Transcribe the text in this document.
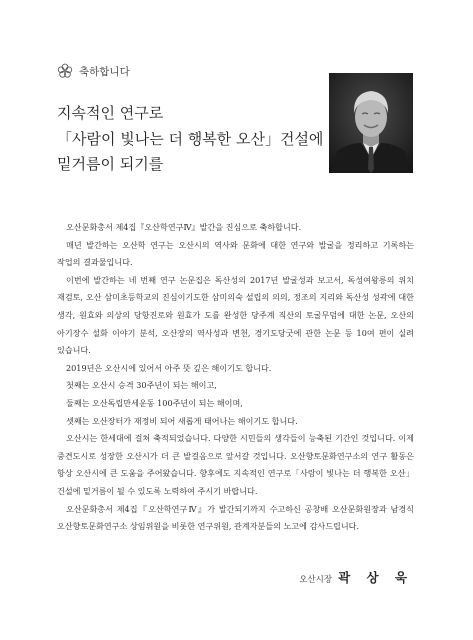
축하합니다
지속적인 연구로
「사람이 빛나는 더 행복한 오산」건설에
밑거름이 되기를

오산문화총서 제4집『오산학연구Ⅳ』발간을 진심으로 축하합니다.

매년 발간하는 오산학 연구는 오산시의 역사와 문화에 대한 연구와 발굴을 정리하고 기록하는 작업의 결과물입니다.

이번에 발간하는 네 번째 연구 논문집은 독산성의 2017년 발굴성과 보고서, 독성여왕릉의 위치 재검토, 오산 삼미초등학교의 진심이기도한 삼미의숙 설립의 의의, 정조의 지리와 독산성 성곽에 대한 생각, 원효와 의상의 당항진로와 원효가 도를 완성한 당주계 직산의 토굴무덤에 대한 논문, 오산의 아기장수 설화 이야기 분석, 오산장의 역사성과 변천, 경기도당굿에 관한 논문 등 10여 편이 실려 있습니다.

2019년은 오산시에 있어서 아주 뜻 깊은 해이기도 합니다.

첫째는 오산시 승격 30주년이 되는 해이고,

둘째는 오산독립만세운동 100주년이 되는 해이며,

셋째는 오산장터가 재정비 되어 새롭게 태어나는 해이기도 합니다.

오산시는 한세대에 걸쳐 축적되었습니다. 다양한 시민들의 생각들이 능축된 기간인 것입니다. 이제 중견도시로 성장한 오산시가 더 큰 발걸음으로 앞서갈 것입니다. 오산향토문화연구소의 연구 활동은 항상 오산시에 큰 도움을 주어왔습니다. 향후에도 지속적인 연구로「사람이 빛나는 더 행복한 오산」건설에 밑거름이 될 수 있도록 노력하여 주시기 바랍니다.

오산문화총서 제4집『오산학연구Ⅳ』가 발간되기까지 수고하신 공창배 오산문화원장과 남경식 오산향토문화연구소 상임위원을 비롯한 연구위원, 관계자분들의 노고에 감사드립니다.

오산시장 곽 상 욱
